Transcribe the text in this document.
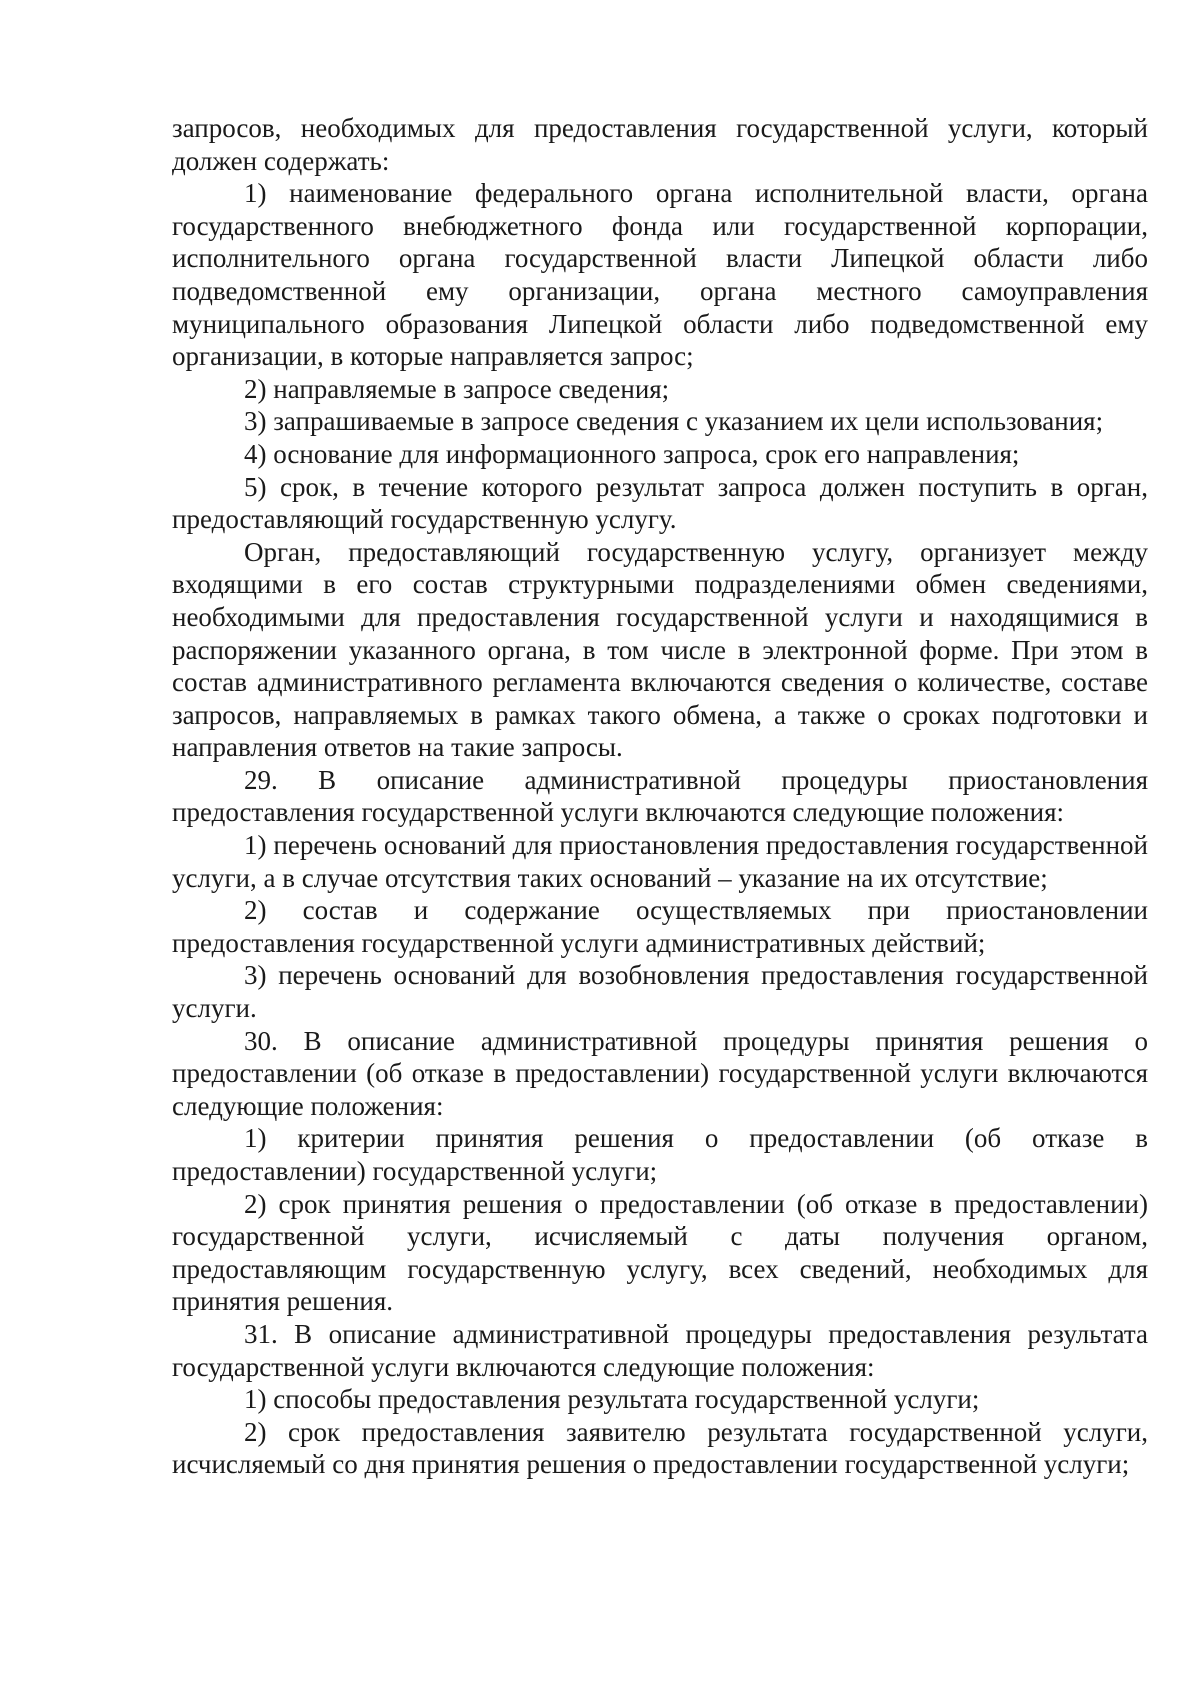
запросов, необходимых для предоставления государственной услуги, который должен содержать:

1) наименование федерального органа исполнительной власти, органа государственного внебюджетного фонда или государственной корпорации, исполнительного органа государственной власти Липецкой области либо подведомственной ему организации, органа местного самоуправления муниципального образования Липецкой области либо подведомственной ему организации, в которые направляется запрос;

2) направляемые в запросе сведения;

3) запрашиваемые в запросе сведения с указанием их цели использования;

4) основание для информационного запроса, срок его направления;

5) срок, в течение которого результат запроса должен поступить в орган, предоставляющий государственную услугу.

Орган, предоставляющий государственную услугу, организует между входящими в его состав структурными подразделениями обмен сведениями, необходимыми для предоставления государственной услуги и находящимися в распоряжении указанного органа, в том числе в электронной форме. При этом в состав административного регламента включаются сведения о количестве, составе запросов, направляемых в рамках такого обмена, а также о сроках подготовки и направления ответов на такие запросы.

29. В описание административной процедуры приостановления предоставления государственной услуги включаются следующие положения:

1) перечень оснований для приостановления предоставления государственной услуги, а в случае отсутствия таких оснований – указание на их отсутствие;

2) состав и содержание осуществляемых при приостановлении предоставления государственной услуги административных действий;

3) перечень оснований для возобновления предоставления государственной услуги.

30. В описание административной процедуры принятия решения о предоставлении (об отказе в предоставлении) государственной услуги включаются следующие положения:

1) критерии принятия решения о предоставлении (об отказе в предоставлении) государственной услуги;

2) срок принятия решения о предоставлении (об отказе в предоставлении) государственной услуги, исчисляемый с даты получения органом, предоставляющим государственную услугу, всех сведений, необходимых для принятия решения.

31. В описание административной процедуры предоставления результата государственной услуги включаются следующие положения:

1) способы предоставления результата государственной услуги;

2) срок предоставления заявителю результата государственной услуги, исчисляемый со дня принятия решения о предоставлении государственной услуги;
